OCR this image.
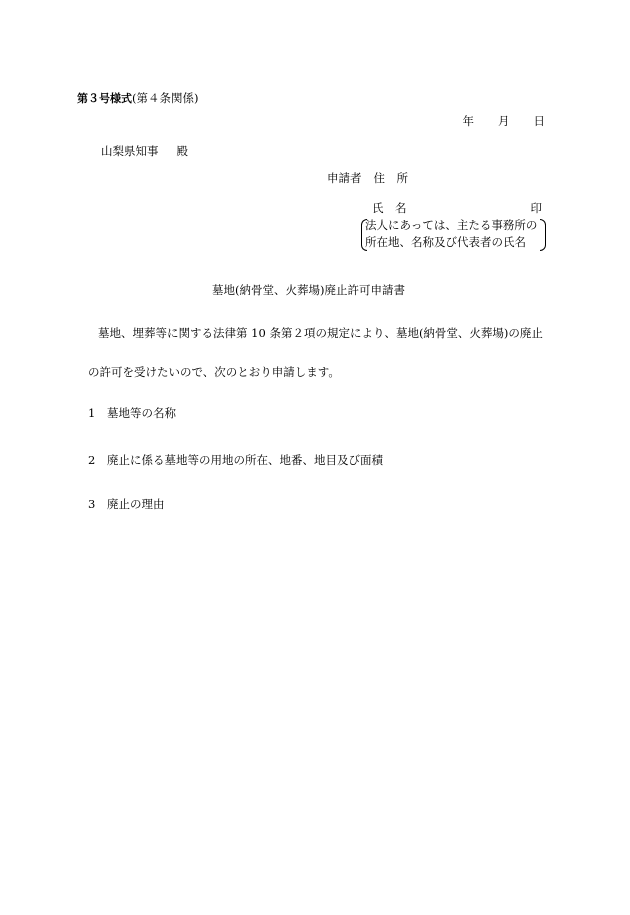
第３号様式(第４条関係)
年 月 日
山梨県知事 殿
申請者 住　所
氏　名	印
法人にあっては、主たる事務所の
所在地、名称及び代表者の氏名
墓地(納骨堂、火葬場)廃止許可申請書
墓地、埋葬等に関する法律第 10 条第２項の規定により、墓地(納骨堂、火葬場)の廃止
の許可を受けたいので、次のとおり申請します。
1 墓地等の名称
2 廃止に係る墓地等の用地の所在、地番、地目及び面積
3 廃止の理由
